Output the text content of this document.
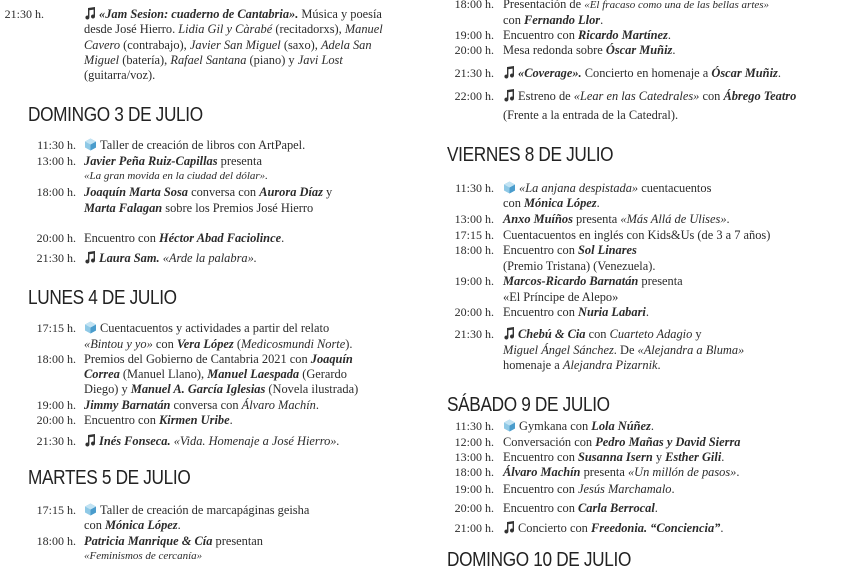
21:30 h.	«Jam Sesion: cuaderno de Cantabria». Música y poesía
desde José Hierro. Lidia Gil y Càrabé (recitadorxs), Manuel
Cavero (contrabajo), Javier San Miguel (saxo), Adela San
Miguel (batería), Rafael Santana (piano) y Javi Lost
(guitarra/voz).
DOMINGO 3 DE JULIO
11:30 h.	Taller de creación de libros con ArtPapel.
13:00 h. Javier Peña Ruiz-Capillas presenta
«La gran movida en la ciudad del dólar».
18:00 h. Joaquín Marta Sosa conversa con Aurora Díaz y
Marta Falagan sobre los Premios José Hierro
20:00 h. Encuentro con Héctor Abad Faciolince.
21:30 h.	Laura Sam. «Arde la palabra».
LUNES 4 DE JULIO
17:15 h.	Cuentacuentos y actividades a partir del relato
«Bintou y yo» con Vera López (Medicosmundi Norte).
18:00 h. Premios del Gobierno de Cantabria 2021 con Joaquín
Correa (Manuel Llano), Manuel Laespada (Gerardo
Diego) y Manuel A. García Iglesias (Novela ilustrada)
19:00 h. Jimmy Barnatán conversa con Álvaro Machín.
20:00 h. Encuentro con Kirmen Uribe.
21:30 h.	Inés Fonseca. «Vida. Homenaje a José Hierro».
MARTES 5 DE JULIO
17:15 h.	Taller de creación de marcapáginas geisha
con Mónica López.
18:00 h. Patricia Manrique & Cía presentan
«Feminismos de cercanía»
18:00 h. Presentación de «El fracaso como una de las bellas artes»
con Fernando Llor.
19:00 h. Encuentro con Ricardo Martínez.
20:00 h. Mesa redonda sobre Óscar Muñiz.
21:30 h.	«Coverage». Concierto en homenaje a Óscar Muñiz.
22:00 h.	Estreno de «Lear en las Catedrales» con Ábrego Teatro
(Frente a la entrada de la Catedral).
VIERNES 8 DE JULIO
11:30 h.	«La anjana despistada» cuentacuentos
con Mónica López.
13:00 h. Anxo Muíños presenta «Más Allá de Ulises».
17:15 h. Cuentacuentos en inglés con Kids&Us (de 3 a 7 años)
18:00 h. Encuentro con Sol Linares
(Premio Tristana) (Venezuela).
19:00 h. Marcos-Ricardo Barnatán presenta
«El Príncipe de Alepo»
20:00 h. Encuentro con Nuria Labari.
21:30 h.	Chebú & Cia con Cuarteto Adagio y
Miguel Ángel Sánchez. De «Alejandra a Bluma»
homenaje a Alejandra Pizarnik.
SÁBADO 9 DE JULIO
11:30 h.	Gymkana con Lola Núñez.
12:00 h. Conversación con Pedro Mañas y David Sierra
13:00 h. Encuentro con Susanna Isern y Esther Gili.
18:00 h. Álvaro Machín presenta «Un millón de pasos».
19:00 h. Encuentro con Jesús Marchamalo.
20:00 h. Encuentro con Carla Berrocal.
21:00 h.	Concierto con Freedonia. “Conciencia”.
DOMINGO 10 DE JULIO
